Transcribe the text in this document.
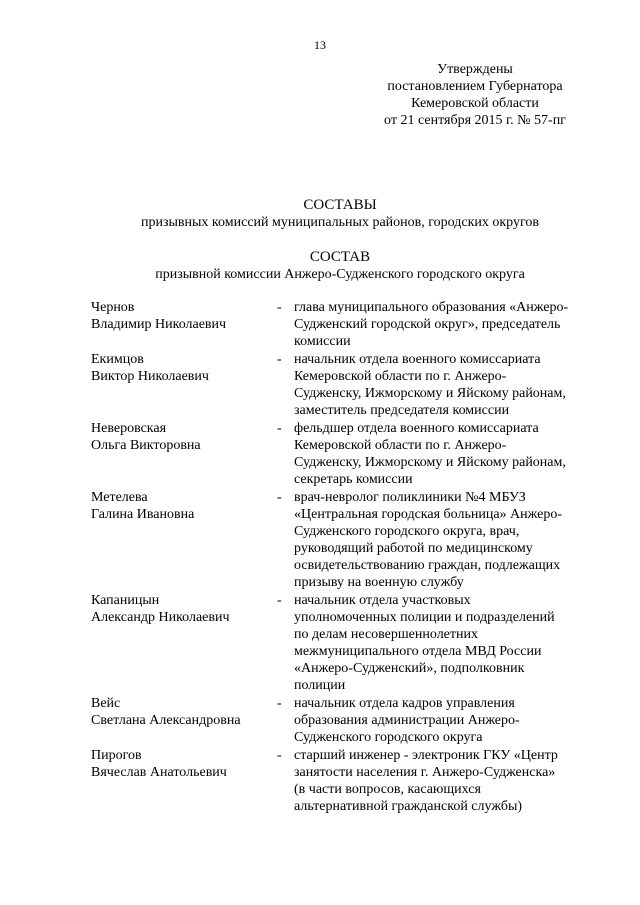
13
Утверждены
постановлением Губернатора
Кемеровской области
от 21 сентября 2015 г. № 57-пг
СОСТАВЫ
призывных комиссий муниципальных районов, городских округов
СОСТАВ
призывной комиссии Анжеро-Судженского городского округа
Чернов
Владимир Николаевич
- глава муниципального образования «Анжеро-
Судженский городской округ», председатель
комиссии
Екимцов
Виктор Николаевич
- начальник отдела военного комиссариата
Кемеровской области по г. Анжеро-
Судженску, Ижморскому и Яйскому районам,
заместитель председателя комиссии
Неверовская
Ольга Викторовна
- фельдшер отдела военного комиссариата
Кемеровской области по г. Анжеро-
Судженску, Ижморскому и Яйскому районам,
секретарь комиссии
Метелева
Галина Ивановна
- врач-невролог поликлиники №4 МБУЗ
«Центральная городская больница» Анжеро-
Судженского городского округа, врач,
руководящий работой по медицинскому
освидетельствованию граждан, подлежащих
призыву на военную службу
Капаницын
Александр Николаевич
- начальник отдела участковых
уполномоченных полиции и подразделений
по делам несовершеннолетних
межмуниципального отдела МВД России
«Анжеро-Судженский», подполковник
полиции
Вейс
Светлана Александровна
- начальник отдела кадров управления
образования администрации Анжеро-
Судженского городского округа
Пирогов
Вячеслав Анатольевич
- старший инженер - электроник ГКУ «Центр
занятости населения г. Анжеро-Судженска»
(в части вопросов, касающихся
альтернативной гражданской службы)
